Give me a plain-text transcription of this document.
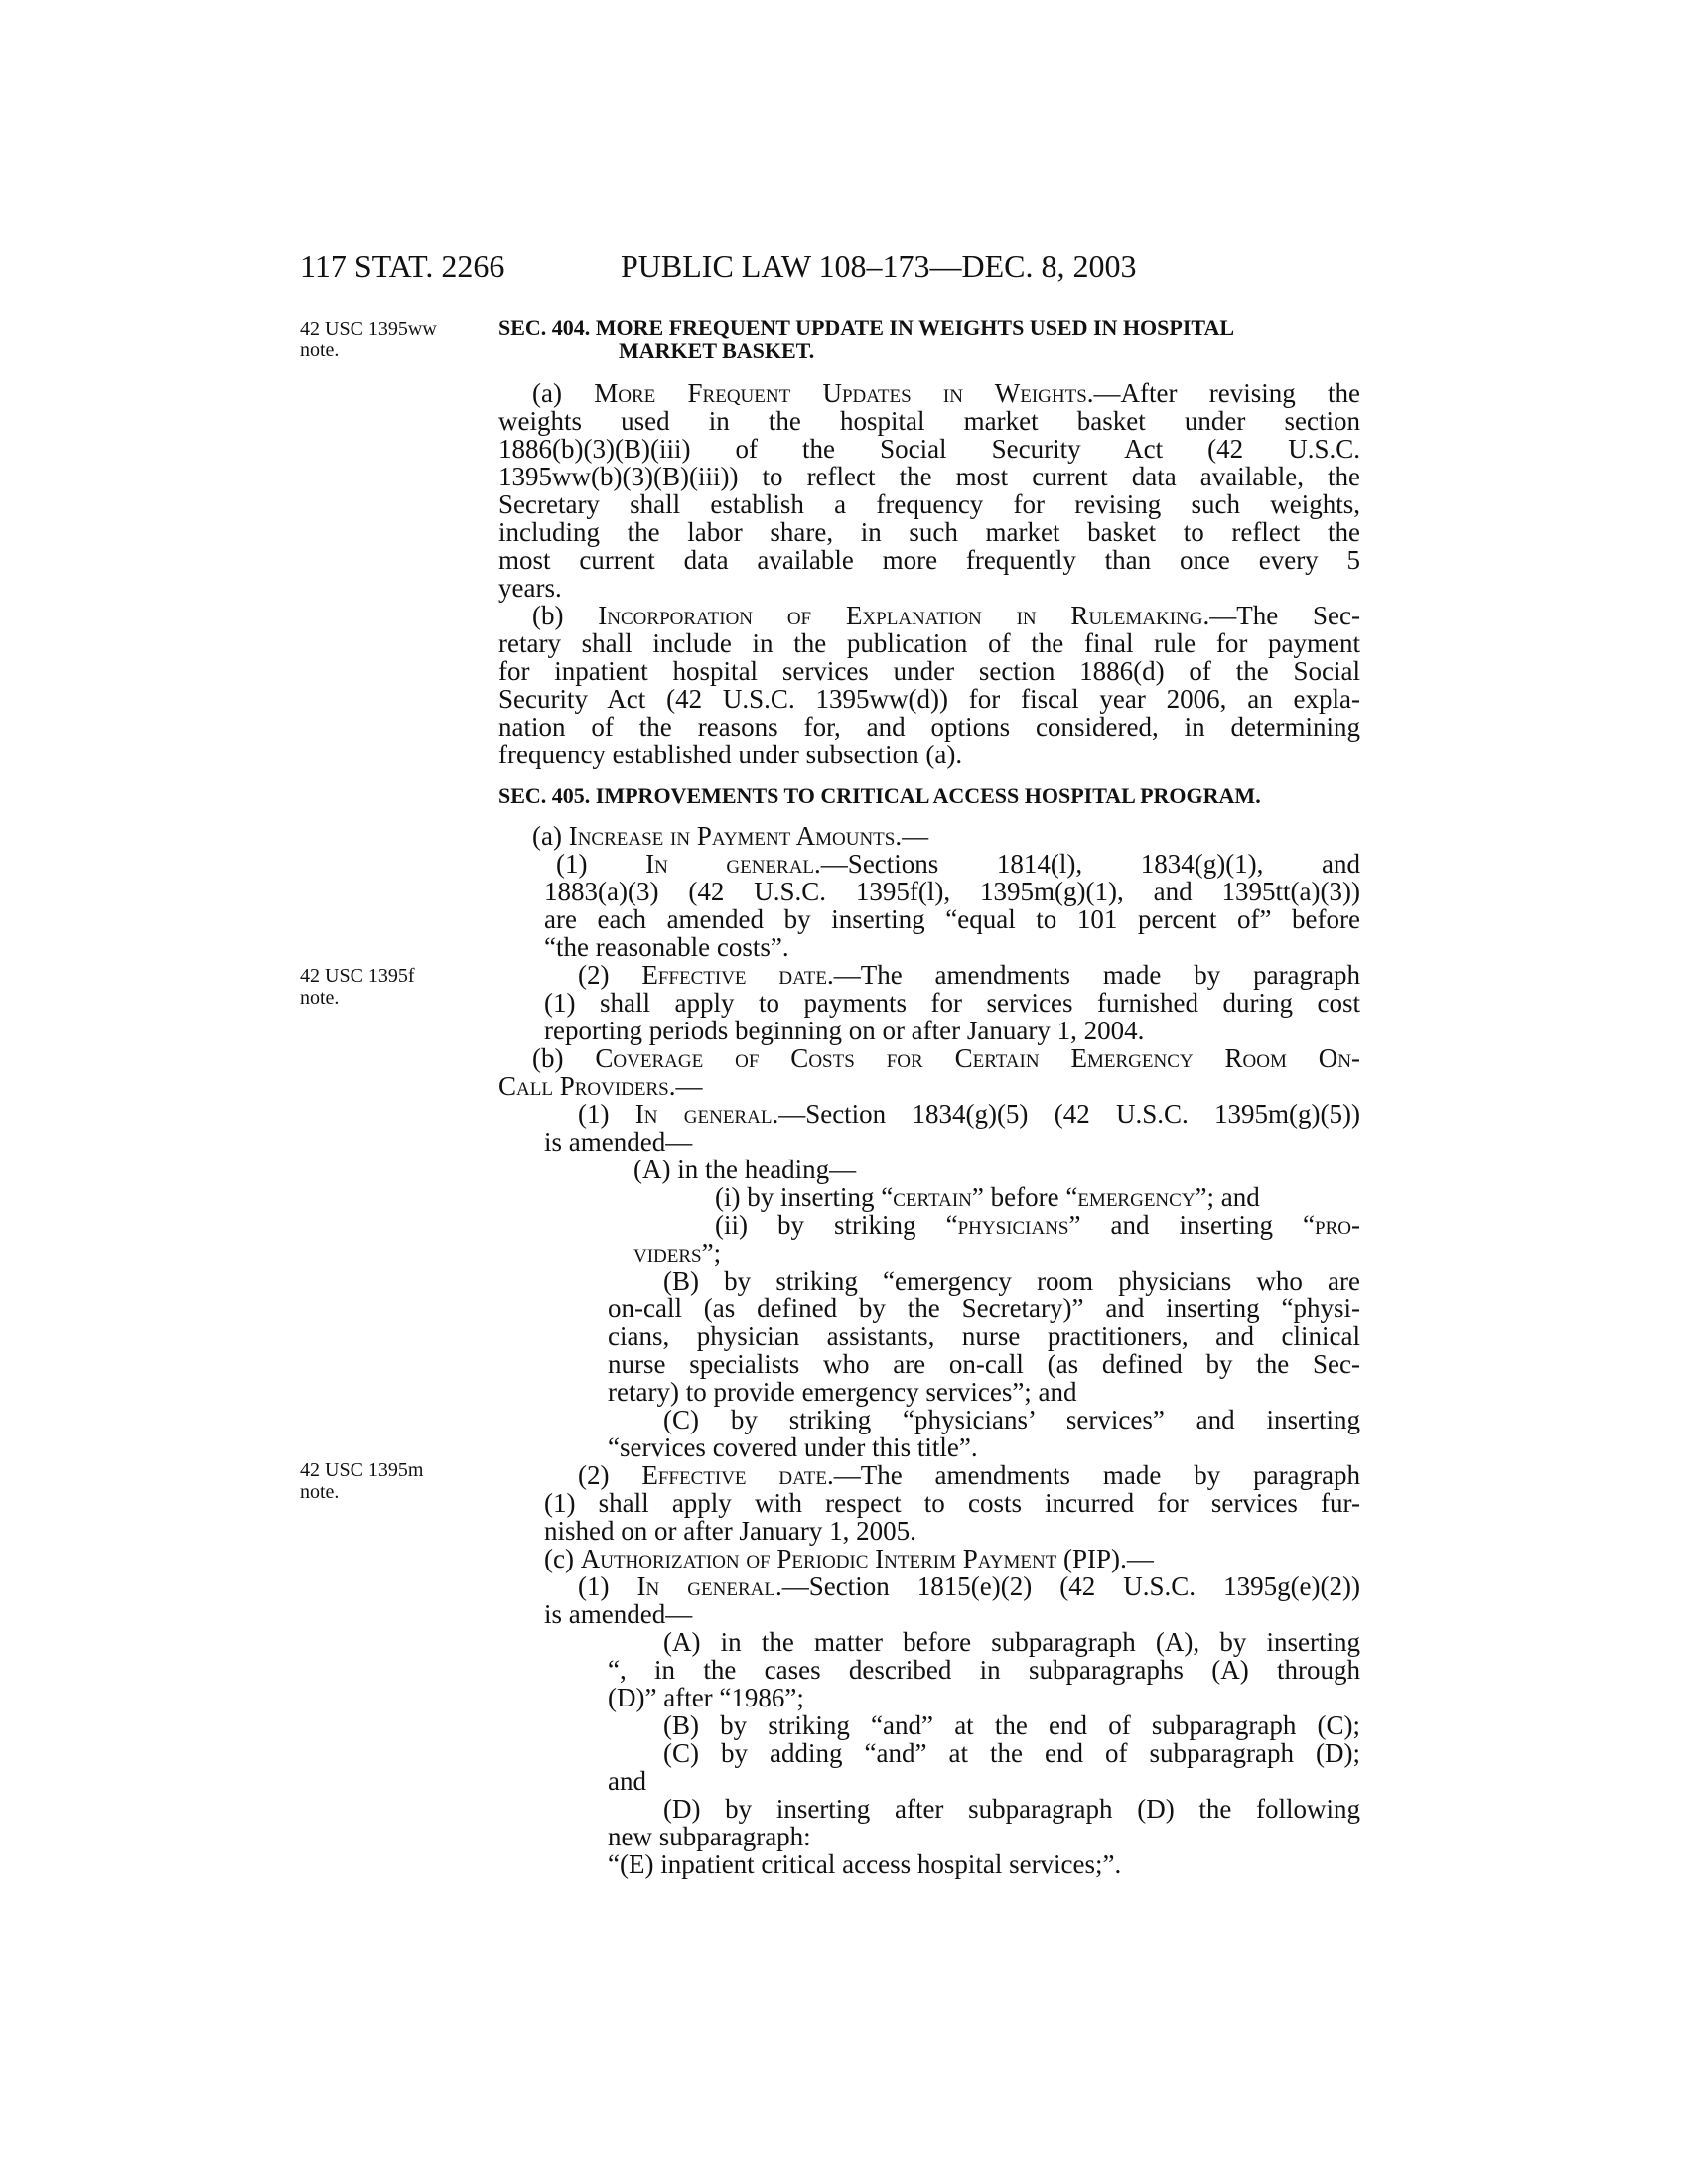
117 STAT. 2266	PUBLIC LAW 108–173—DEC. 8, 2003
42 USC 1395ww
note.
42 USC 1395f
note.
42 USC 1395m
note.
SEC. 404. MORE FREQUENT UPDATE IN WEIGHTS USED IN HOSPITAL
MARKET BASKET.
(a) More Frequent Updates in Weights.—After revising the
weights used in the hospital market basket under section
1886(b)(3)(B)(iii) of the Social Security Act (42 U.S.C.
1395ww(b)(3)(B)(iii)) to reflect the most current data available, the
Secretary shall establish a frequency for revising such weights,
including the labor share, in such market basket to reflect the
most current data available more frequently than once every 5
years.
(b) Incorporation of Explanation in Rulemaking.—The Sec-
retary shall include in the publication of the final rule for payment
for inpatient hospital services under section 1886(d) of the Social
Security Act (42 U.S.C. 1395ww(d)) for fiscal year 2006, an expla-
nation of the reasons for, and options considered, in determining
frequency established under subsection (a).
SEC. 405. IMPROVEMENTS TO CRITICAL ACCESS HOSPITAL PROGRAM.
(a) Increase in Payment Amounts.—
(1) In general.—Sections 1814(l), 1834(g)(1), and
1883(a)(3) (42 U.S.C. 1395f(l), 1395m(g)(1), and 1395tt(a)(3))
are each amended by inserting “equal to 101 percent of” before
“the reasonable costs”.
(2) Effective date.—The amendments made by paragraph
(1) shall apply to payments for services furnished during cost
reporting periods beginning on or after January 1, 2004.
(b) Coverage of Costs for Certain Emergency Room On-
Call Providers.—
(1) In general.—Section 1834(g)(5) (42 U.S.C. 1395m(g)(5))
is amended—
(A) in the heading—
(i) by inserting “certain” before “emergency”; and
(ii) by striking “physicians” and inserting “pro-
viders”;
(B) by striking “emergency room physicians who are
on-call (as defined by the Secretary)” and inserting “physi-
cians, physician assistants, nurse practitioners, and clinical
nurse specialists who are on-call (as defined by the Sec-
retary) to provide emergency services”; and
(C) by striking “physicians’ services” and inserting
“services covered under this title”.
(2) Effective date.—The amendments made by paragraph
(1) shall apply with respect to costs incurred for services fur-
nished on or after January 1, 2005.
(c) Authorization of Periodic Interim Payment (PIP).—
(1) In general.—Section 1815(e)(2) (42 U.S.C. 1395g(e)(2))
is amended—
(A) in the matter before subparagraph (A), by inserting
“, in the cases described in subparagraphs (A) through
(D)” after “1986”;
(B) by striking “and” at the end of subparagraph (C);
(C) by adding “and” at the end of subparagraph (D);
and
(D) by inserting after subparagraph (D) the following
new subparagraph:
“(E) inpatient critical access hospital services;”.
